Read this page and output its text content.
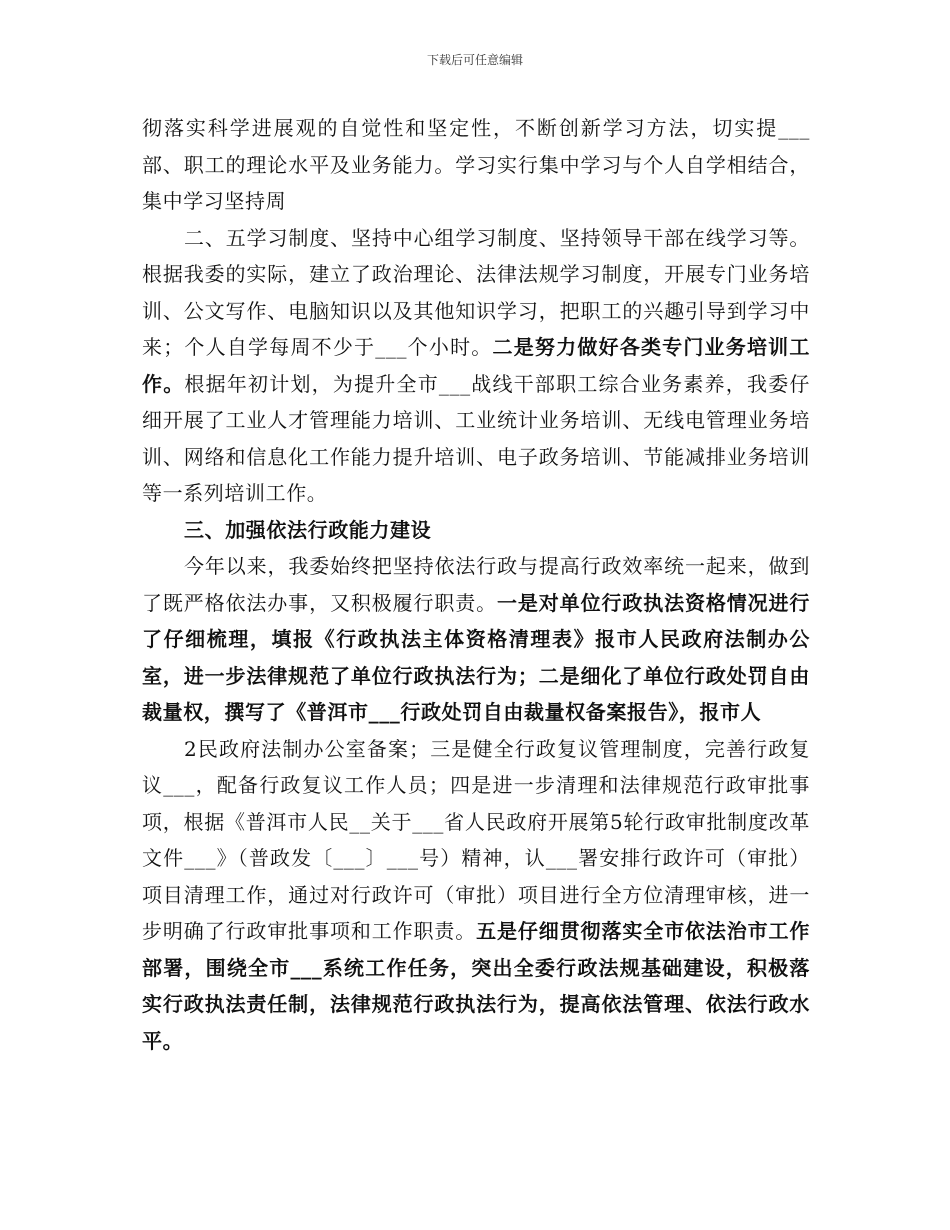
下载后可任意编辑

彻落实科学进展观的自觉性和坚定性，不断创新学习方法，切实提___部、职工的理论水平及业务能力。学习实行集中学习与个人自学相结合，集中学习坚持周

二、五学习制度、坚持中心组学习制度、坚持领导干部在线学习等。根据我委的实际，建立了政治理论、法律法规学习制度，开展专门业务培训、公文写作、电脑知识以及其他知识学习，把职工的兴趣引导到学习中来；个人自学每周不少于___个小时。二是努力做好各类专门业务培训工作。根据年初计划，为提升全市___战线干部职工综合业务素养，我委仔细开展了工业人才管理能力培训、工业统计业务培训、无线电管理业务培训、网络和信息化工作能力提升培训、电子政务培训、节能减排业务培训等一系列培训工作。

三、加强依法行政能力建设

今年以来，我委始终把坚持依法行政与提高行政效率统一起来，做到了既严格依法办事，又积极履行职责。一是对单位行政执法资格情况进行了仔细梳理，填报《行政执法主体资格清理表》报市人民政府法制办公室，进一步法律规范了单位行政执法行为；二是细化了单位行政处罚自由裁量权，撰写了《普洱市___行政处罚自由裁量权备案报告》，报市人

2民政府法制办公室备案；三是健全行政复议管理制度，完善行政复议___，配备行政复议工作人员；四是进一步清理和法律规范行政审批事项，根据《普洱市人民__关于___省人民政府开展第5轮行政审批制度改革文件___》（普政发〔___〕___号）精神，认___署安排行政许可（审批）项目清理工作，通过对行政许可（审批）项目进行全方位清理审核，进一步明确了行政审批事项和工作职责。五是仔细贯彻落实全市依法治市工作部署，围绕全市___系统工作任务，突出全委行政法规基础建设，积极落实行政执法责任制，法律规范行政执法行为，提高依法管理、依法行政水平。
